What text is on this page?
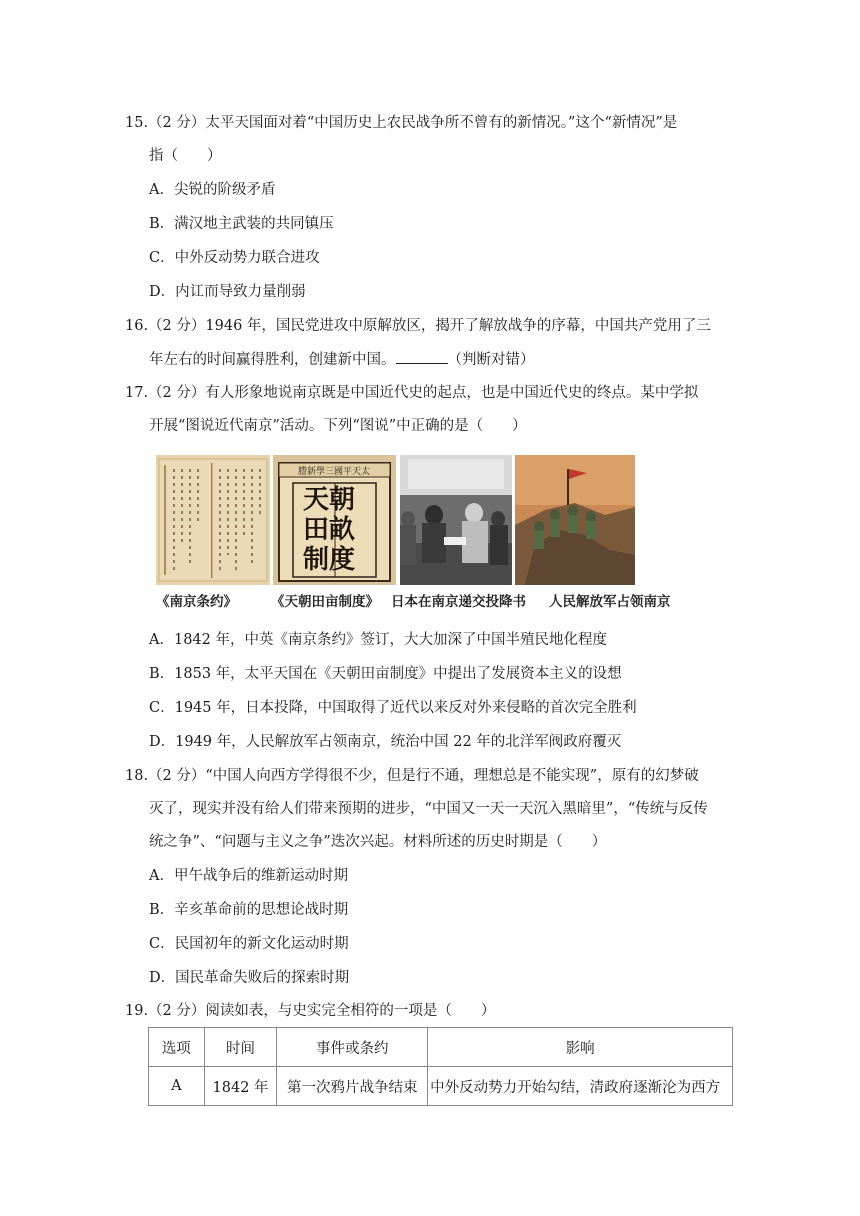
15.（2 分）太平天国面对着“中国历史上农民战争所不曾有的新情况。”这个“新情况”是
指（　　）
A．尖锐的阶级矛盾
B．满汉地主武装的共同镇压
C．中外反动势力联合进攻
D．内讧而导致力量削弱
16.（2 分）1946 年，国民党进攻中原解放区，揭开了解放战争的序幕，中国共产党用了三
年左右的时间赢得胜利，创建新中国。	（判断对错）
17.（2 分）有人形象地说南京既是中国近代史的起点，也是中国近代史的终点。某中学拟
开展“图说近代南京”活动。下列“图说”中正确的是（　　）
謄新學三國平天太
天朝田畝制度
《南京条约》	《天朝田亩制度》 日本在南京递交投降书 人民解放军占领南京
A．1842 年，中英《南京条约》签订，大大加深了中国半殖民地化程度
B．1853 年，太平天国在《天朝田亩制度》中提出了发展资本主义的设想
C．1945 年，日本投降，中国取得了近代以来反对外来侵略的首次完全胜利
D．1949 年，人民解放军占领南京，统治中国 22 年的北洋军阀政府覆灭
18.（2 分）“中国人向西方学得很不少，但是行不通，理想总是不能实现”，原有的幻梦破
灭了，现实并没有给人们带来预期的进步，“中国又一天一天沉入黑暗里”，“传统与反传
统之争”、“问题与主义之争”迭次兴起。材料所述的历史时期是（　　）
A．甲午战争后的维新运动时期
B．辛亥革命前的思想论战时期
C．民国初年的新文化运动时期
D．国民革命失败后的探索时期
19.（2 分）阅读如表，与史实完全相符的一项是（　　）
选项	时间	事件或条约	影响
A	1842 年	第一次鸦片战争结束	中外反动势力开始勾结，清政府逐渐沦为西方
